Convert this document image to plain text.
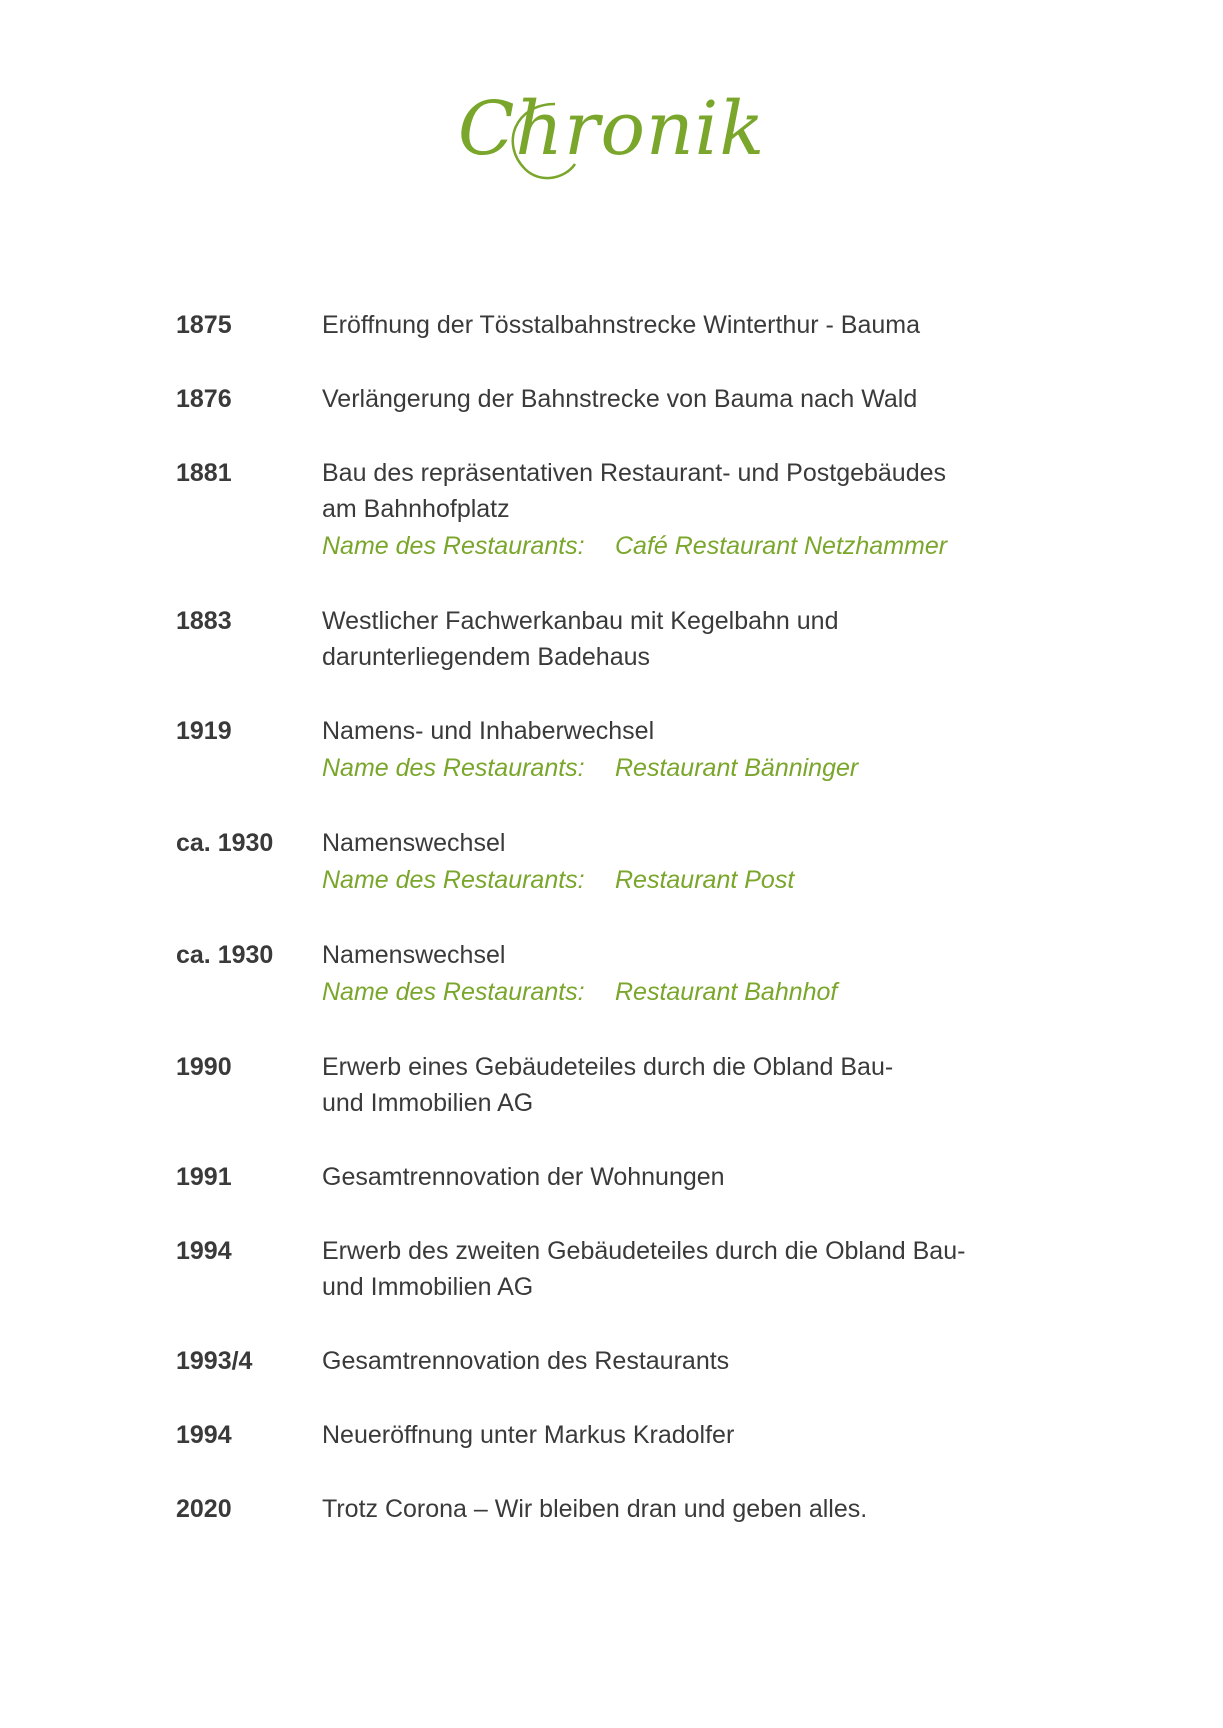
Chronik
1875	Eröffnung der Tösstalbahnstrecke Winterthur - Bauma
1876	Verlängerung der Bahnstrecke von Bauma nach Wald
1881	Bau des repräsentativen Restaurant- und Postgebäudes
am Bahnhofplatz
Name des Restaurants: Café Restaurant Netzhammer
1883	Westlicher Fachwerkanbau mit Kegelbahn und
darunterliegendem Badehaus
1919	Namens- und Inhaberwechsel
Name des Restaurants: Restaurant Bänninger
ca. 1930 Namenswechsel
Name des Restaurants: Restaurant Post
ca. 1930 Namenswechsel
Name des Restaurants: Restaurant Bahnhof
1990	Erwerb eines Gebäudeteiles durch die Obland Bau-
und Immobilien AG
1991	Gesamtrennovation der Wohnungen
1994	Erwerb des zweiten Gebäudeteiles durch die Obland Bau-
und Immobilien AG
1993/4	Gesamtrennovation des Restaurants
1994	Neueröffnung unter Markus Kradolfer
2020	Trotz Corona – Wir bleiben dran und geben alles.
